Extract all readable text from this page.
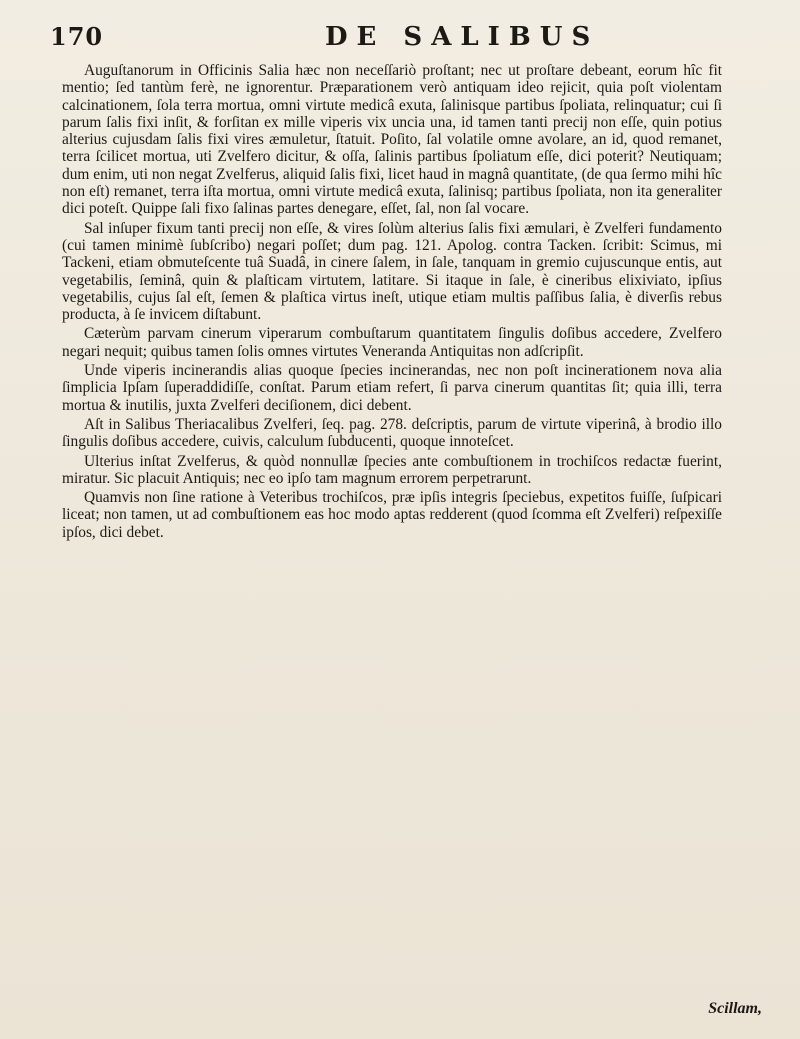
170	DE SALIBUS

Auguſtanorum in Officinis Salia hæc non neceſſariò proſtant; nec ut proſtare debeant, eorum hîc fit mentio; ſed tantùm ferè, ne ignorentur. Præparationem verò antiquam ideo rejicit, quia poſt violentam calcinationem, ſola terra mortua, omni virtute medicâ exuta, ſalinisque partibus ſpoliata, relinquatur; cui ſi parum ſalis fixi inſit, & forſitan ex mille viperis vix uncia una, id tamen tanti precij non eſſe, quin potius alterius cujusdam ſalis fixi vires æmuletur, ſtatuit. Poſito, ſal volatile omne avolare, an id, quod remanet, terra ſcilicet mortua, uti Zvelfero dicitur, & oſſa, ſalinis partibus ſpoliatum eſſe, dici poterit? Neutiquam; dum enim, uti non negat Zvelferus, aliquid ſalis fixi, licet haud in magnâ quantitate, (de qua ſermo mihi hîc non eſt) remanet, terra iſta mortua, omni virtute medicâ exuta, ſalinisq; partibus ſpoliata, non ita generaliter dici poteſt. Quippe ſali fixo ſalinas partes denegare, eſſet, ſal, non ſal vocare.

Sal inſuper fixum tanti precij non eſſe, & vires ſolùm alterius ſalis fixi æmulari, è Zvelferi fundamento (cui tamen minimè ſubſcribo) negari poſſet; dum pag. 121. Apolog. contra Tacken. ſcribit: Scimus, mi Tackeni, etiam obmuteſcente tuâ Suadâ, in cinere ſalem, in ſale, tanquam in gremio cujuscunque entis, aut vegetabilis, ſeminâ, quin & plaſticam virtutem, latitare. Si itaque in ſale, è cineribus elixiviato, ipſius vegetabilis, cujus ſal eſt, ſemen & plaſtica virtus ineſt, utique etiam multis paſſibus ſalia, è diverſis rebus producta, à ſe invicem diſtabunt.

Cæterùm parvam cinerum viperarum combuſtarum quantitatem ſingulis doſibus accedere, Zvelfero negari nequit; quibus tamen ſolis omnes virtutes Veneranda Antiquitas non adſcripſit.

Unde viperis incinerandis alias quoque ſpecies incinerandas, nec non poſt incinerationem nova alia ſimplicia Ipſam ſuperaddidiſſe, conſtat. Parum etiam refert, ſi parva cinerum quantitas ſit; quia illi, terra mortua & inutilis, juxta Zvelferi deciſionem, dici debent.

Aſt in Salibus Theriacalibus Zvelferi, ſeq. pag. 278. deſcriptis, parum de virtute viperinâ, à brodio illo ſingulis doſibus accedere, cuivis, calculum ſubducenti, quoque innoteſcet.

Ulterius inſtat Zvelferus, & quòd nonnullæ ſpecies ante combuſtionem in trochiſcos redactæ fuerint, miratur. Sic placuit Antiquis; nec eo ipſo tam magnum errorem perpetrarunt.

Quamvis non ſine ratione à Veteribus trochiſcos, præ ipſis integris ſpeciebus, expetitos fuiſſe, ſuſpicari liceat; non tamen, ut ad combuſtionem eas hoc modo aptas redderent (quod ſcomma eſt Zvelferi) reſpexiſſe ipſos, dici debet.

Scillam,
